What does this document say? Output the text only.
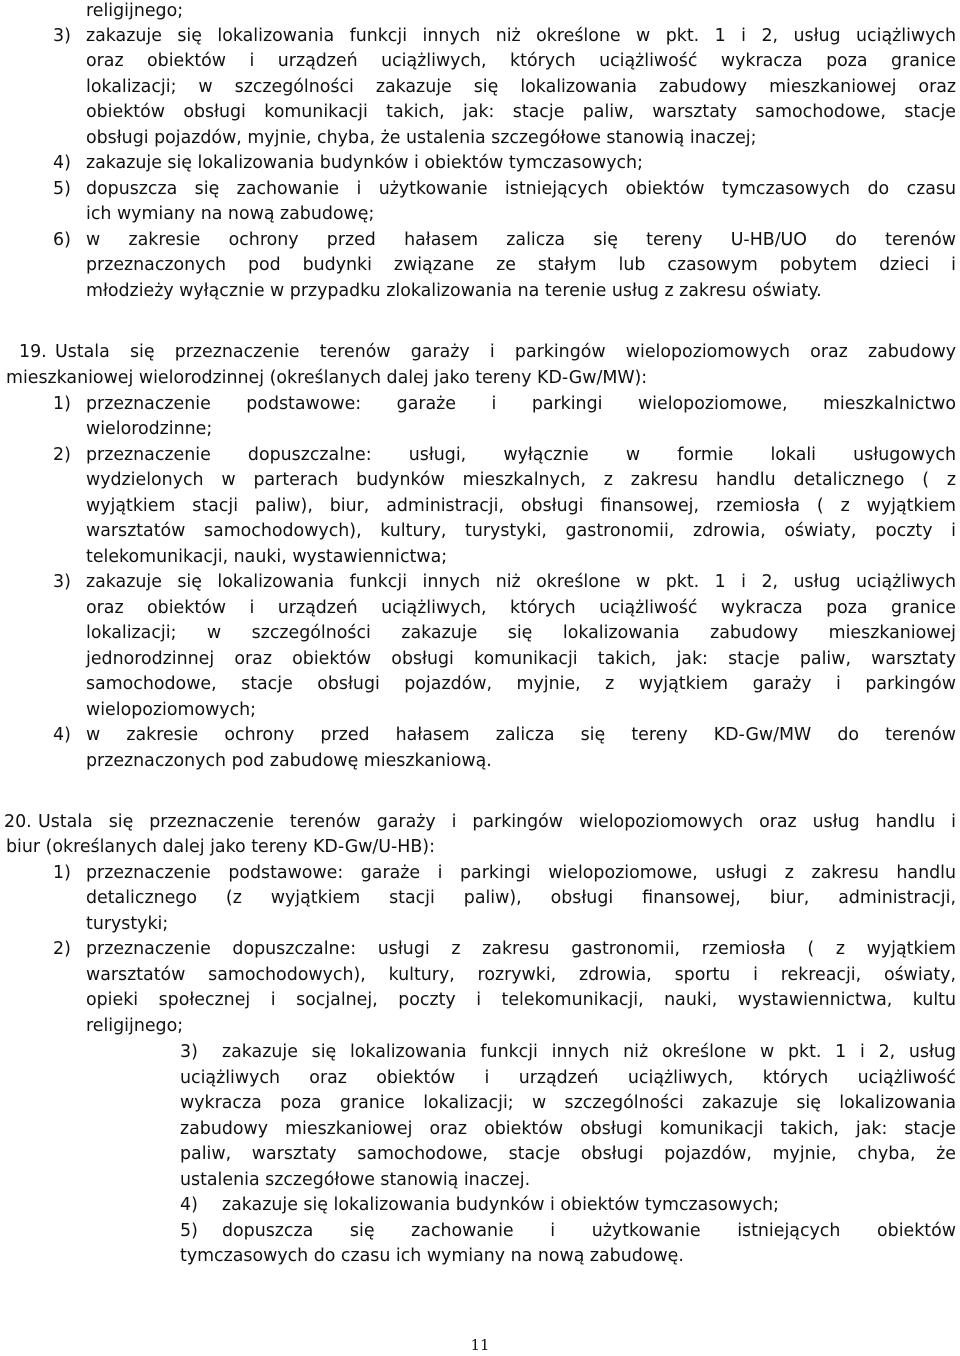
religijnego;
3) zakazuje się lokalizowania funkcji innych niż określone w pkt. 1 i 2, usług uciążliwych
oraz obiektów i urządzeń uciążliwych, których uciążliwość wykracza poza granice
lokalizacji; w szczególności zakazuje się lokalizowania zabudowy mieszkaniowej oraz
obiektów obsługi komunikacji takich, jak: stacje paliw, warsztaty samochodowe, stacje
obsługi pojazdów, myjnie, chyba, że ustalenia szczegółowe stanowią inaczej;
4) zakazuje się lokalizowania budynków i obiektów tymczasowych;
5) dopuszcza się zachowanie i użytkowanie istniejących obiektów tymczasowych do czasu
ich wymiany na nową zabudowę;
6) w zakresie ochrony przed hałasem zalicza się tereny U-HB/UO do terenów
przeznaczonych pod budynki związane ze stałym lub czasowym pobytem dzieci i
młodzieży wyłącznie w przypadku zlokalizowania na terenie usług z zakresu oświaty.
19. Ustala się przeznaczenie terenów garaży i parkingów wielopoziomowych oraz zabudowy
mieszkaniowej wielorodzinnej (określanych dalej jako tereny KD-Gw/MW):
1) przeznaczenie podstawowe: garaże i parkingi wielopoziomowe, mieszkalnictwo
wielorodzinne;
2) przeznaczenie dopuszczalne: usługi, wyłącznie w formie lokali usługowych
wydzielonych w parterach budynków mieszkalnych, z zakresu handlu detalicznego ( z
wyjątkiem stacji paliw), biur, administracji, obsługi finansowej, rzemiosła ( z wyjątkiem
warsztatów samochodowych), kultury, turystyki, gastronomii, zdrowia, oświaty, poczty i
telekomunikacji, nauki, wystawiennictwa;
3) zakazuje się lokalizowania funkcji innych niż określone w pkt. 1 i 2, usług uciążliwych
oraz obiektów i urządzeń uciążliwych, których uciążliwość wykracza poza granice
lokalizacji; w szczególności zakazuje się lokalizowania zabudowy mieszkaniowej
jednorodzinnej oraz obiektów obsługi komunikacji takich, jak: stacje paliw, warsztaty
samochodowe, stacje obsługi pojazdów, myjnie, z wyjątkiem garaży i parkingów
wielopoziomowych;
4) w zakresie ochrony przed hałasem zalicza się tereny KD-Gw/MW do terenów
przeznaczonych pod zabudowę mieszkaniową.
20. Ustala się przeznaczenie terenów garaży i parkingów wielopoziomowych oraz usług handlu i
biur (określanych dalej jako tereny KD-Gw/U-HB):
1) przeznaczenie podstawowe: garaże i parkingi wielopoziomowe, usługi z zakresu handlu
detalicznego (z wyjątkiem stacji paliw), obsługi finansowej, biur, administracji,
turystyki;
2) przeznaczenie dopuszczalne: usługi z zakresu gastronomii, rzemiosła ( z wyjątkiem
warsztatów samochodowych), kultury, rozrywki, zdrowia, sportu i rekreacji, oświaty,
opieki społecznej i socjalnej, poczty i telekomunikacji, nauki, wystawiennictwa, kultu
religijnego;
3) zakazuje się lokalizowania funkcji innych niż określone w pkt. 1 i 2, usług
uciążliwych oraz obiektów i urządzeń uciążliwych, których uciążliwość
wykracza poza granice lokalizacji; w szczególności zakazuje się lokalizowania
zabudowy mieszkaniowej oraz obiektów obsługi komunikacji takich, jak: stacje
paliw, warsztaty samochodowe, stacje obsługi pojazdów, myjnie, chyba, że
ustalenia szczegółowe stanowią inaczej.
4) zakazuje się lokalizowania budynków i obiektów tymczasowych;
5) dopuszcza się zachowanie i użytkowanie istniejących obiektów
tymczasowych do czasu ich wymiany na nową zabudowę.
11
